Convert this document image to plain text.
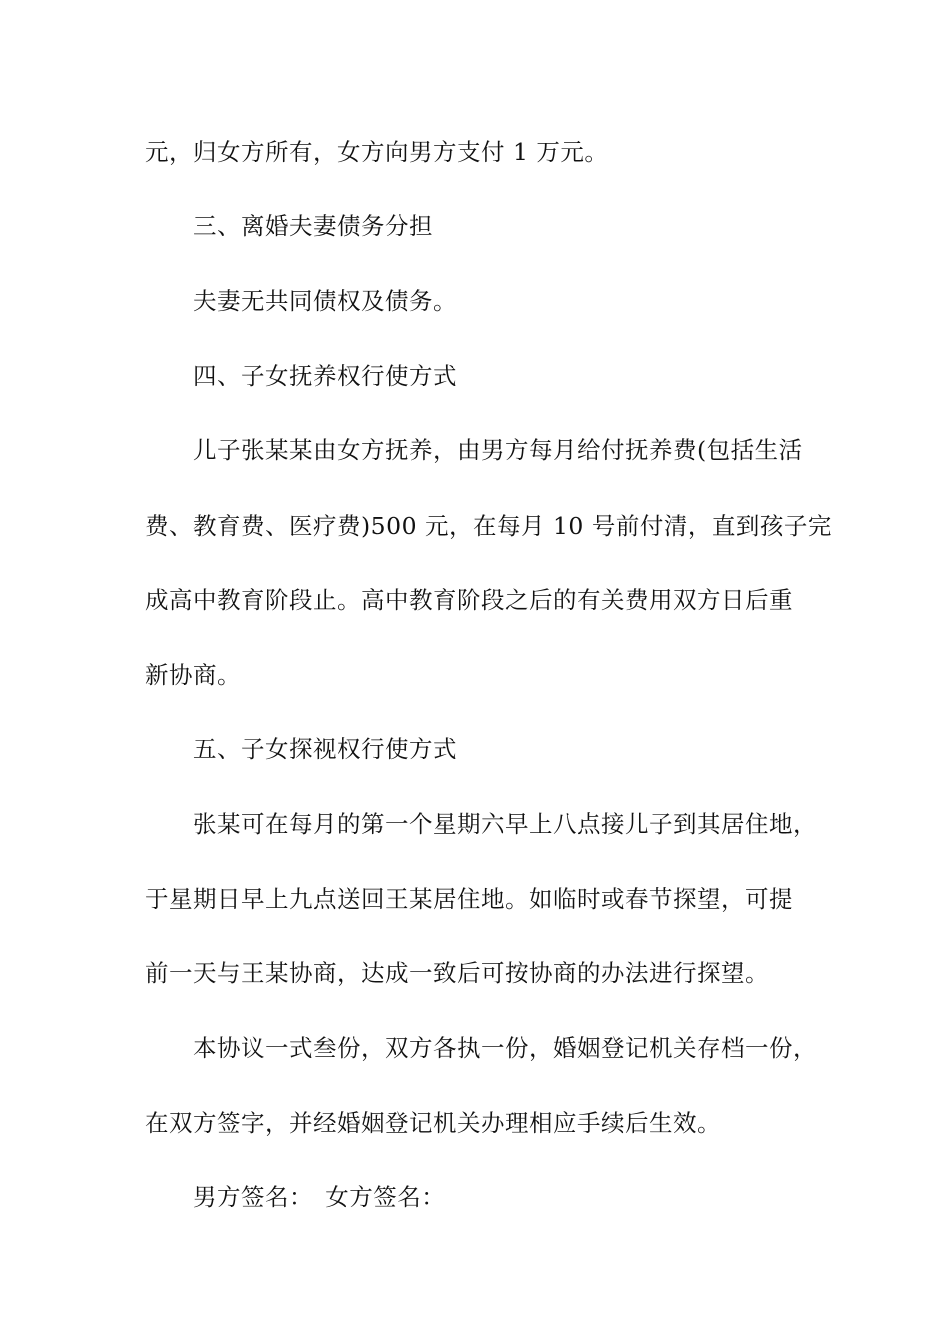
元，归女方所有，女方向男方支付 1 万元。
三、离婚夫妻债务分担
夫妻无共同债权及债务。
四、子女抚养权行使方式
儿子张某某由女方抚养，由男方每月给付抚养费(包括生活
费、教育费、医疗费)500 元，在每月 10 号前付清，直到孩子完
成高中教育阶段止。高中教育阶段之后的有关费用双方日后重
新协商。
五、子女探视权行使方式
张某可在每月的第一个星期六早上八点接儿子到其居住地，
于星期日早上九点送回王某居住地。如临时或春节探望，可提
前一天与王某协商，达成一致后可按协商的办法进行探望。
本协议一式叁份，双方各执一份，婚姻登记机关存档一份，
在双方签字，并经婚姻登记机关办理相应手续后生效。
男方签名：　女方签名：
